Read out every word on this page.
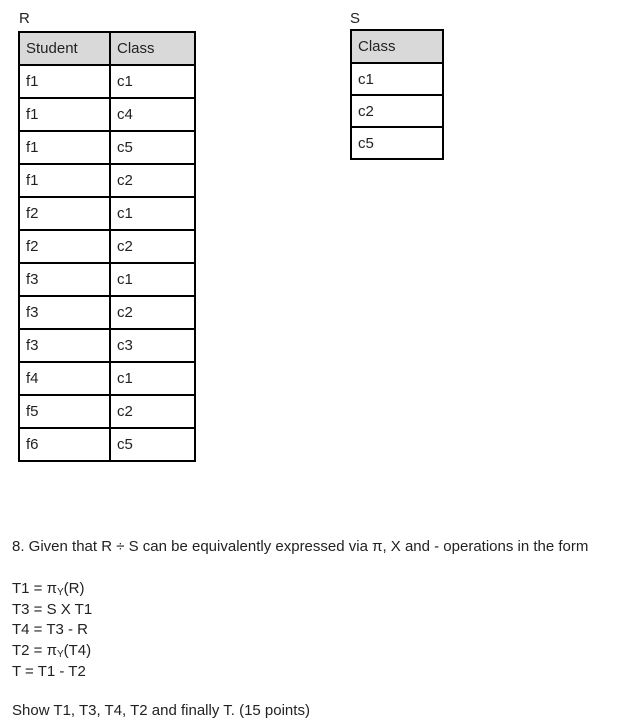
R
Student	Class
f1	c1
f1	c4
f1	c5
f1	c2
f2	c1
f2	c2
f3	c1
f3	c2
f3	c3
f4	c1
f5	c2
f6	c5
S
Class
c1
c2
c5
8. Given that R ÷ S can be equivalently expressed via π, X and - operations in the form
$T1 = \pi_Y(R)$
T3 = S X T1
T4 = T3 - R
$T2 = \pi_Y(T4)$
T = T1 - T2
Show T1, T3, T4, T2 and finally T. (15 points)
